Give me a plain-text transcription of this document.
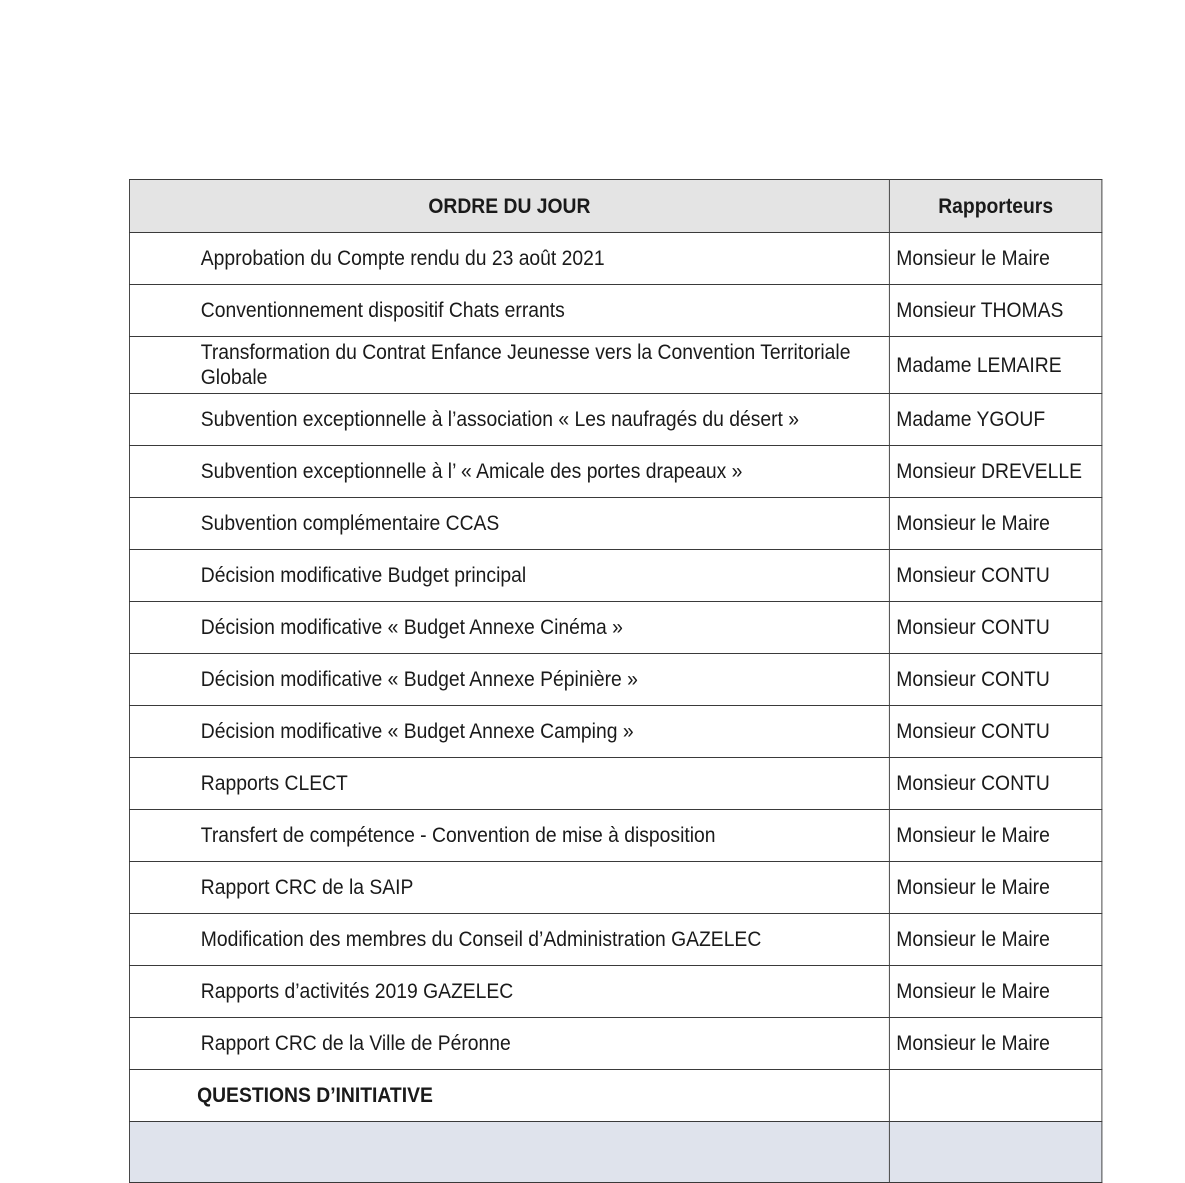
ORDRE DU JOUR	Rapporteurs
Approbation du Compte rendu du 23 août 2021	Monsieur le Maire
Conventionnement dispositif Chats errants	Monsieur THOMAS
Transformation du Contrat Enfance Jeunesse vers la Convention Territoriale Globale	Madame LEMAIRE
Subvention exceptionnelle à l’association « Les naufragés du désert »	Madame YGOUF
Subvention exceptionnelle à l’ « Amicale des portes drapeaux »	Monsieur DREVELLE
Subvention complémentaire CCAS	Monsieur le Maire
Décision modificative Budget principal	Monsieur CONTU
Décision modificative « Budget Annexe Cinéma »	Monsieur CONTU
Décision modificative « Budget Annexe Pépinière »	Monsieur CONTU
Décision modificative « Budget Annexe Camping »	Monsieur CONTU
Rapports CLECT	Monsieur CONTU
Transfert de compétence - Convention de mise à disposition	Monsieur le Maire
Rapport CRC de la SAIP	Monsieur le Maire
Modification des membres du Conseil d’Administration GAZELEC	Monsieur le Maire
Rapports d’activités 2019 GAZELEC	Monsieur le Maire
Rapport CRC de la Ville de Péronne	Monsieur le Maire
QUESTIONS D’INITIATIVE	
